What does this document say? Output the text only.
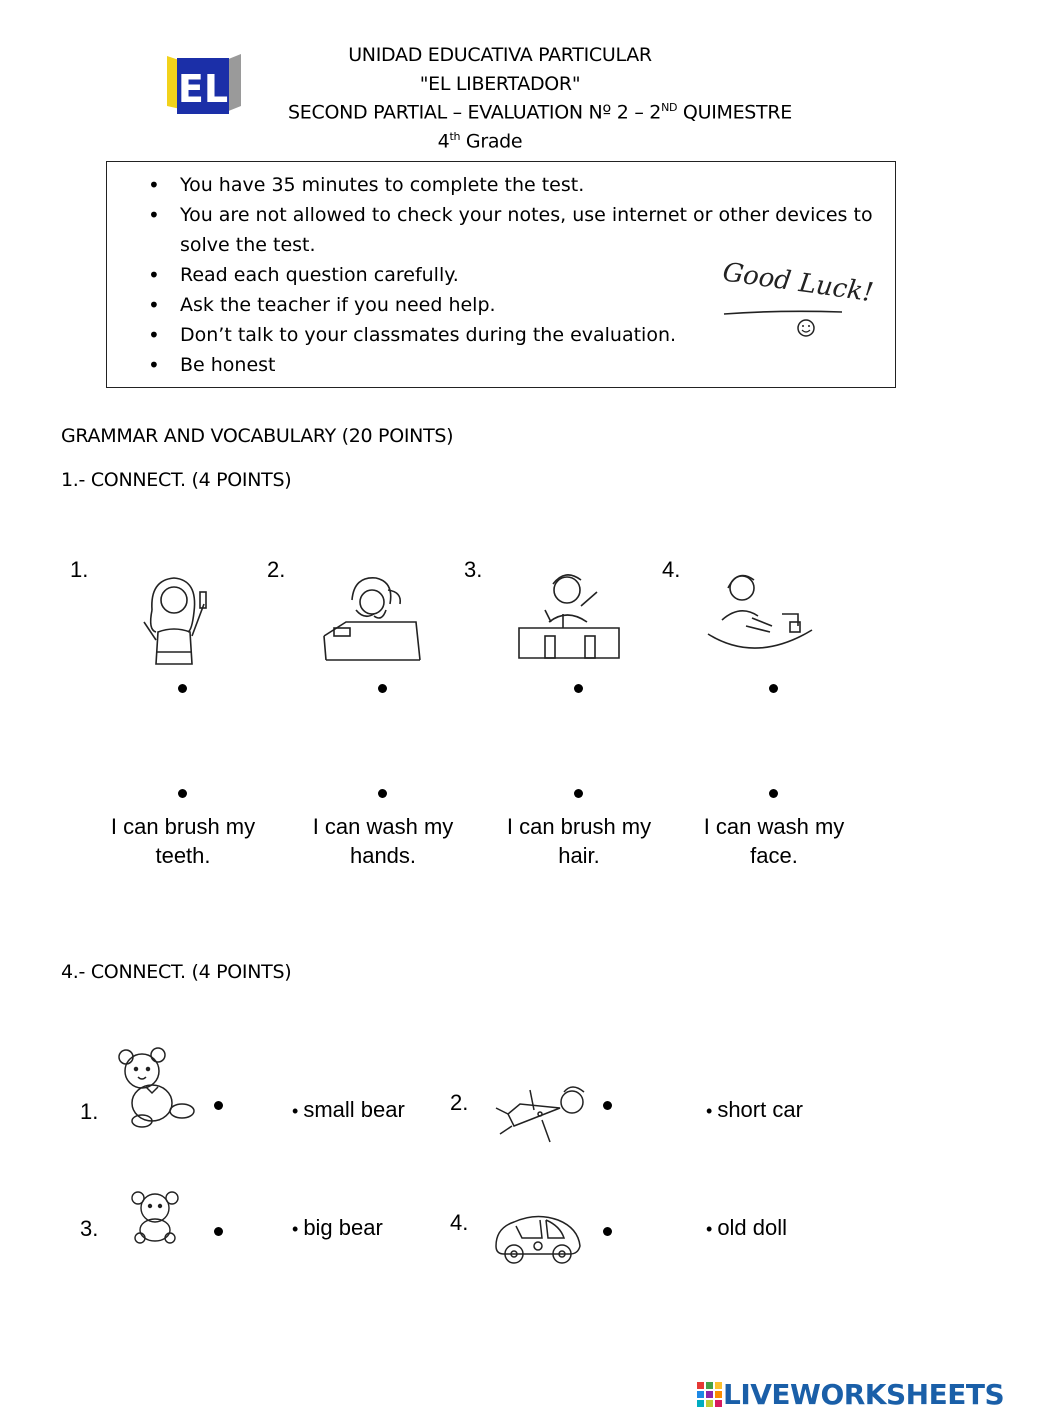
EL
UNIDAD EDUCATIVA PARTICULAR
"EL LIBERTADOR"
SECOND PARTIAL – EVALUATION Nº 2 – 2ND QUIMESTRE
4th Grade
• You have 35 minutes to complete the test.
• You are not allowed to check your notes, use internet or other devices to solve the test.
• Read each question carefully.
• Ask the teacher if you need help.
• Don’t talk to your classmates during the evaluation.
• Be honest
Good Luck!
GRAMMAR AND VOCABULARY (20 POINTS)
1.- CONNECT. (4 POINTS)
1.	2.	3.	4.
I can brush my teeth.
I can wash my hands.
I can brush my hair.
I can wash my face.
4.- CONNECT. (4 POINTS)
1.	• small bear 2.	• short car
3.	• big bear	4.	• old doll
LIVEWORKSHEETS
